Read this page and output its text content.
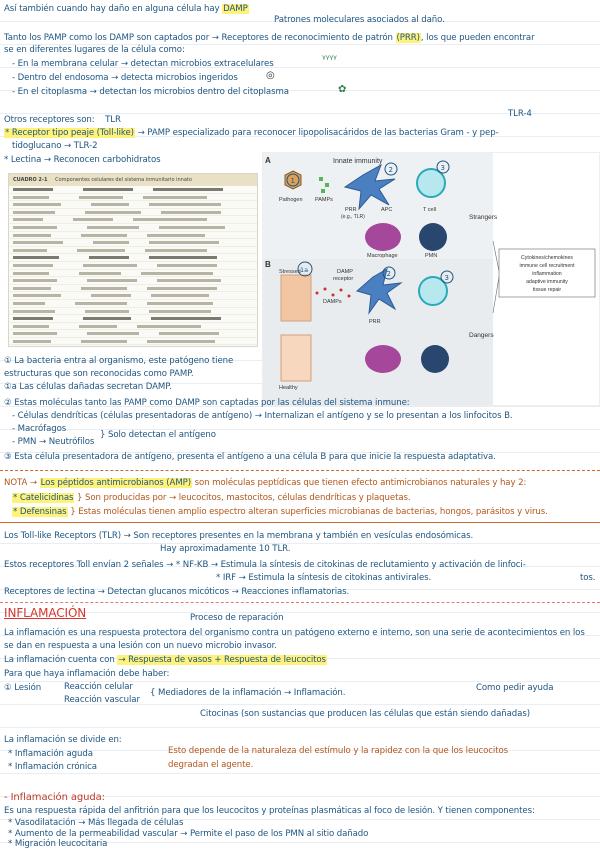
Así también cuando hay daño en alguna célula hay DAMP
Patrones moleculares asociados al daño.
Tanto los PAMP como los DAMP son captados por → Receptores de reconocimiento de patrón (PRR), los que pueden encontrar
se en diferentes lugares de la célula como:
- En la membrana celular → detectan microbios extracelulares	ᵞᵞᵞᵞ
- Dentro del endosoma → detecta microbios ingeridos	◎
- En el citoplasma → detectan los microbios dentro del citoplasma	✿
Otros receptores son: TLR
TLR-4
* Receptor tipo peaje (Toll-like) → PAMP especializado para reconocer lipopolisacáridos de las bacterias Gram - y pep-
tidoglucano → TLR-2
* Lectina → Reconocen carbohidratos
CUADRO 2-1 Componentes celulares del sistema inmunitario innato
A
B
Innate immunity
Pathogen PAMPs
PRR
(e.g., TLR)
APC	T cell
Strangers
Macrophage	PMN	Cytokines/chemokines
immune cell recruitment
inflammation
adaptive immunity
tissue repair
Stressed
Healthy
DAMP
receptor
DAMPs
PRR
Dangers
1
2	3
1a	2	3
① La bacteria entra al organismo, este patógeno tiene
estructuras que son reconocidas como PAMP.
①a Las células dañadas secretan DAMP.
② Estas moléculas tanto las PAMP como DAMP son captadas por las células del sistema inmune:
- Células dendríticas (células presentadoras de antígeno) → Internalizan el antígeno y se lo presentan a los linfocitos B.
- Macrófagos
- PMN → Neutrófilos
} Solo detectan el antígeno
③ Esta célula presentadora de antígeno, presenta el antígeno a una célula B para que inicie la respuesta adaptativa.
NOTA → Los péptidos antimicrobianos (AMP) son moléculas peptídicas que tienen efecto antimicrobianos naturales y hay 2:
* Catelicidinas } Son producidas por → leucocitos, mastocitos, células dendríticas y plaquetas.
* Defensinas } Estas moléculas tienen amplio espectro alteran superficies microbianas de bacterias, hongos, parásitos y virus.
Los Toll-like Receptors (TLR) → Son receptores presentes en la membrana y también en vesículas endosómicas.
Hay aproximadamente 10 TLR.
Estos receptores Toll envían 2 señales → * NF-KB → Estimula la síntesis de citokinas de reclutamiento y activación de linfoci-
* IRF → Estimula la síntesis de citokinas antivirales.	tos.
Receptores de lectina → Detectan glucanos micóticos → Reacciones inflamatorias.
INFLAMACIÓN	Proceso de reparación
La inflamación es una respuesta protectora del organismo contra un patógeno externo e interno, son una serie de acontecimientos en los
se dan en respuesta a una lesión con un nuevo microbio invasor.
La inflamación cuenta con → Respuesta de vasos + Respuesta de leucocitos
Para que haya inflamación debe haber:
① Lesión	Reacción celular
Reacción vascular
{ Mediadores de la inflamación → Inflamación.	Como pedir ayuda
Citocinas (son sustancias que producen las células que están siendo dañadas)
La inflamación se divide en:
* Inflamación aguda
* Inflamación crónica
Esto depende de la naturaleza del estímulo y la rapidez con la que los leucocitos
degradan el agente.
- Inflamación aguda:
Es una respuesta rápida del anfitrión para que los leucocitos y proteínas plasmáticas al foco de lesión. Y tienen componentes:
* Vasodilatación → Más llegada de células
* Aumento de la permeabilidad vascular → Permite el paso de los PMN al sitio dañado
* Migración leucocitaria
